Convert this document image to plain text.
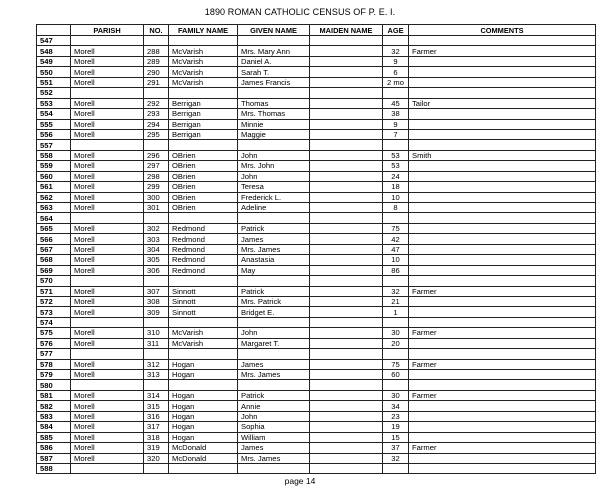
1890 ROMAN CATHOLIC CENSUS OF P. E. I.
	PARISH	NO.	FAMILY NAME	GIVEN NAME	MAIDEN NAME	AGE	COMMENTS
547							
548	Morell	288	McVarish	Mrs. Mary Ann		32	Farmer
549	Morell	289	McVarish	Daniel A.		9	
550	Morell	290	McVarish	Sarah T.		6	
551	Morell	291	McVarish	James Francis		2 mo	
552							
553	Morell	292	Berrigan	Thomas		45	Tailor
554	Morell	293	Berrigan	Mrs. Thomas		38	
555	Morell	294	Berrigan	Minnie		9	
556	Morell	295	Berrigan	Maggie		7	
557							
558	Morell	296	OBrien	John		53	Smith
559	Morell	297	OBrien	Mrs. John		53	
560	Morell	298	OBrien	John		24	
561	Morell	299	OBrien	Teresa		18	
562	Morell	300	OBrien	Frederick L.		10	
563	Morell	301	OBrien	Adeline		8	
564							
565	Morell	302	Redmond	Patrick		75	
566	Morell	303	Redmond	James		42	
567	Morell	304	Redmond	Mrs. James		47	
568	Morell	305	Redmond	Anastasia		10	
569	Morell	306	Redmond	May		86	
570							
571	Morell	307	Sinnott	Patrick		32	Farmer
572	Morell	308	Sinnott	Mrs. Patrick		21	
573	Morell	309	Sinnott	Bridget E.		1	
574							
575	Morell	310	McVarish	John		30	Farmer
576	Morell	311	McVarish	Margaret T.		20	
577							
578	Morell	312	Hogan	James		75	Farmer
579	Morell	313	Hogan	Mrs. James		60	
580							
581	Morell	314	Hogan	Patrick		30	Farmer
582	Morell	315	Hogan	Annie		34	
583	Morell	316	Hogan	John		23	
584	Morell	317	Hogan	Sophia		19	
585	Morell	318	Hogan	William		15	
586	Morell	319	McDonald	James		37	Farmer
587	Morell	320	McDonald	Mrs. James		32	
588							
page 14
